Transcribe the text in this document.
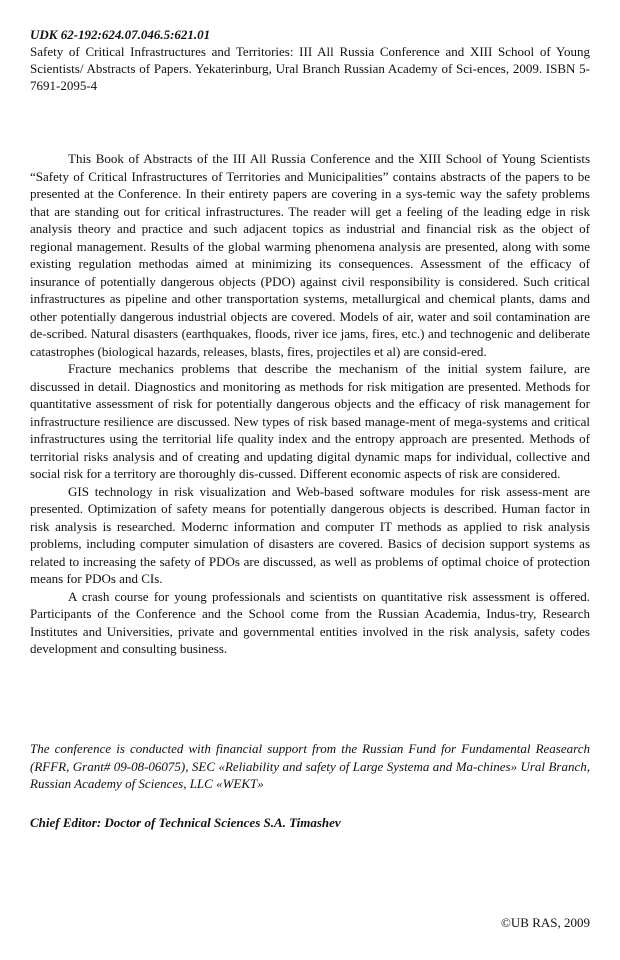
UDK 62-192:624.07.046.5:621.01

Safety of Critical Infrastructures and Territories: III All Russia Conference and XIII School of Young Scientists/ Abstracts of Papers. Yekaterinburg, Ural Branch Russian Academy of Sci-ences, 2009. ISBN 5-7691-2095-4

This Book of Abstracts of the III All Russia Conference and the XIII School of Young Scientists “Safety of Critical Infrastructures of Territories and Municipalities” contains abstracts of the papers to be presented at the Conference. In their entirety papers are covering in a sys-temic way the safety problems that are standing out for critical infrastructures. The reader will get a feeling of the leading edge in risk analysis theory and practice and such adjacent topics as industrial and financial risk as the object of regional management. Results of the global warming phenomena analysis are presented, along with some existing regulation methodas aimed at minimizing its consequences. Assessment of the efficacy of insurance of potentially dangerous objects (PDO) against civil responsibility is considered. Such critical infrastructures as pipeline and other transportation systems, metallurgical and chemical plants, dams and other potentially dangerous industrial objects are covered. Models of air, water and soil contamination are de-scribed. Natural disasters (earthquakes, floods, river ice jams, fires, etc.) and technogenic and deliberate catastrophes (biological hazards, releases, blasts, fires, projectiles et al) are consid-ered.

Fracture mechanics problems that describe the mechanism of the initial system failure, are discussed in detail. Diagnostics and monitoring as methods for risk mitigation are presented. Methods for quantitative assessment of risk for potentially dangerous objects and the efficacy of risk management for infrastructure resilience are discussed. New types of risk based manage-ment of mega-systems and critical infrastructures using the territorial life quality index and the entropy approach are presented. Methods of territorial risks analysis and of creating and updating digital dynamic maps for individual, collective and social risk for a territory are thoroughly dis-cussed. Different economic aspects of risk are considered.

GIS technology in risk visualization and Web-based software modules for risk assess-ment are presented. Optimization of safety means for potentially dangerous objects is described. Human factor in risk analysis is researched. Modernc information and computer IT methods as applied to risk analysis problems, including computer simulation of disasters are covered. Basics of decision support systems as related to increasing the safety of PDOs are discussed, as well as problems of optimal choice of protection means for PDOs and CIs.

A crash course for young professionals and scientists on quantitative risk assessment is offered. Participants of the Conference and the School come from the Russian Academia, Indus-try, Research Institutes and Universities, private and governmental entities involved in the risk analysis, safety codes development and consulting business.

The conference is conducted with financial support from the Russian Fund for Fundamental Reasearch (RFFR, Grant# 09-08-06075), SEC «Reliability and safety of Large Systema and Ma-chines» Ural Branch, Russian Academy of Sciences, LLC «WEKT»

Chief Editor: Doctor of Technical Sciences S.A. Timashev

©UB RAS, 2009
